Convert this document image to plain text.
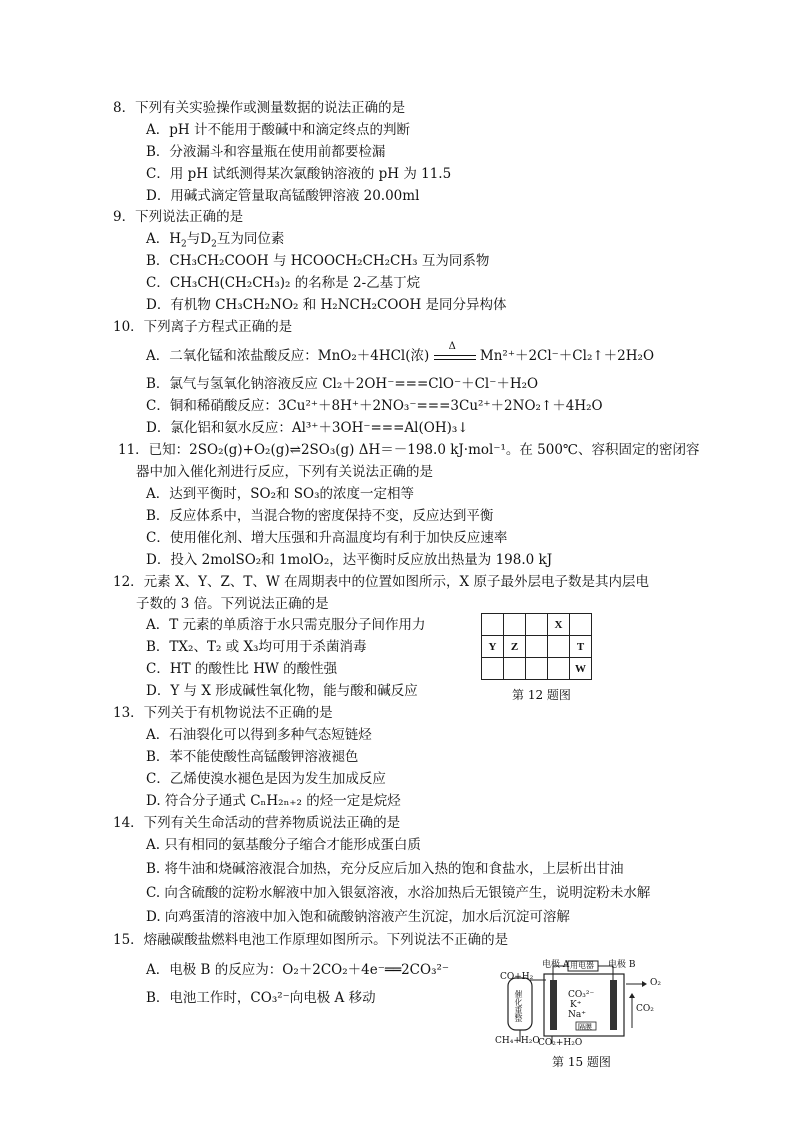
8．下列有关实验操作或测量数据的说法正确的是
A．pH 计不能用于酸碱中和滴定终点的判断
B．分液漏斗和容量瓶在使用前都要检漏
C．用 pH 试纸测得某次氯酸钠溶液的 pH 为 11.5
D．用碱式滴定管量取高锰酸钾溶液 20.00ml
9．下列说法正确的是
A．$H_2$与$D_2$互为同位素
B．CH₃CH₂COOH 与 HCOOCH₂CH₂CH₃ 互为同系物
C．CH₃CH(CH₂CH₃)₂ 的名称是 2-乙基丁烷
D．有机物 CH₃CH₂NO₂ 和 H₂NCH₂COOH 是同分异构体
10．下列离子方程式正确的是
A．二氧化锰和浓盐酸反应：MnO₂＋4HCl(浓)
Δ
Mn²⁺＋2Cl⁻＋Cl₂↑＋2H₂O
B．氯气与氢氧化钠溶液反应 Cl₂＋2OH⁻===ClO⁻＋Cl⁻＋H₂O
C．铜和稀硝酸反应：3Cu²⁺＋8H⁺＋2NO₃⁻===3Cu²⁺＋2NO₂↑＋4H₂O
D．氯化铝和氨水反应：Al³⁺＋3OH⁻===Al(OH)₃↓
11．已知：2SO₂(g)+O₂(g)⇌2SO₃(g) ΔH＝－198.0 kJ·mol⁻¹。在 500℃、容积固定的密闭容
器中加入催化剂进行反应，下列有关说法正确的是
A．达到平衡时，SO₂和 SO₃的浓度一定相等
B．反应体系中，当混合物的密度保持不变，反应达到平衡
C．使用催化剂、增大压强和升高温度均有利于加快反应速率
D．投入 2molSO₂和 1molO₂，达平衡时反应放出热量为 198.0 kJ
12．元素 X、Y、Z、T、W 在周期表中的位置如图所示，X 原子最外层电子数是其内层电
子数的 3 倍。下列说法正确的是
A．T 元素的单质溶于水只需克服分子间作用力
B．TX₂、T₂ 或 X₃均可用于杀菌消毒
C．HT 的酸性比 HW 的酸性强
D．Y 与 X 形成碱性氧化物，能与酸和碱反应
			X	
Y	Z			T
				W
第 12 题图
13．下列关于有机物说法不正确的是
A．石油裂化可以得到多种气态短链烃
B．苯不能使酸性高锰酸钾溶液褪色
C．乙烯使溴水褪色是因为发生加成反应
D. 符合分子通式 CₙH₂ₙ₊₂ 的烃一定是烷烃
14．下列有关生命活动的营养物质说法正确的是
A. 只有相同的氨基酸分子缩合才能形成蛋白质
B. 将牛油和烧碱溶液混合加热，充分反应后加入热的饱和食盐水，上层析出甘油
C. 向含硫酸的淀粉水解液中加入银氨溶液，水浴加热后无银镜产生，说明淀粉未水解
D. 向鸡蛋清的溶液中加入饱和硫酸钠溶液产生沉淀，加水后沉淀可溶解
15．熔融碳酸盐燃料电池工作原理如图所示。下列说法不正确的是
A．电极 B 的反应为：O₂＋2CO₂＋4e⁻══2CO₃²⁻
B．电池工作时，CO₃²⁻向电极 A 移动
CO+H₂
电极 A	电极 B
用电器
O₂
CO₂
催化重整	CO₃²⁻
K⁺
Na⁺
隔膜
CH₄+H₂O
CO₂+H₂O
第 15 题图
